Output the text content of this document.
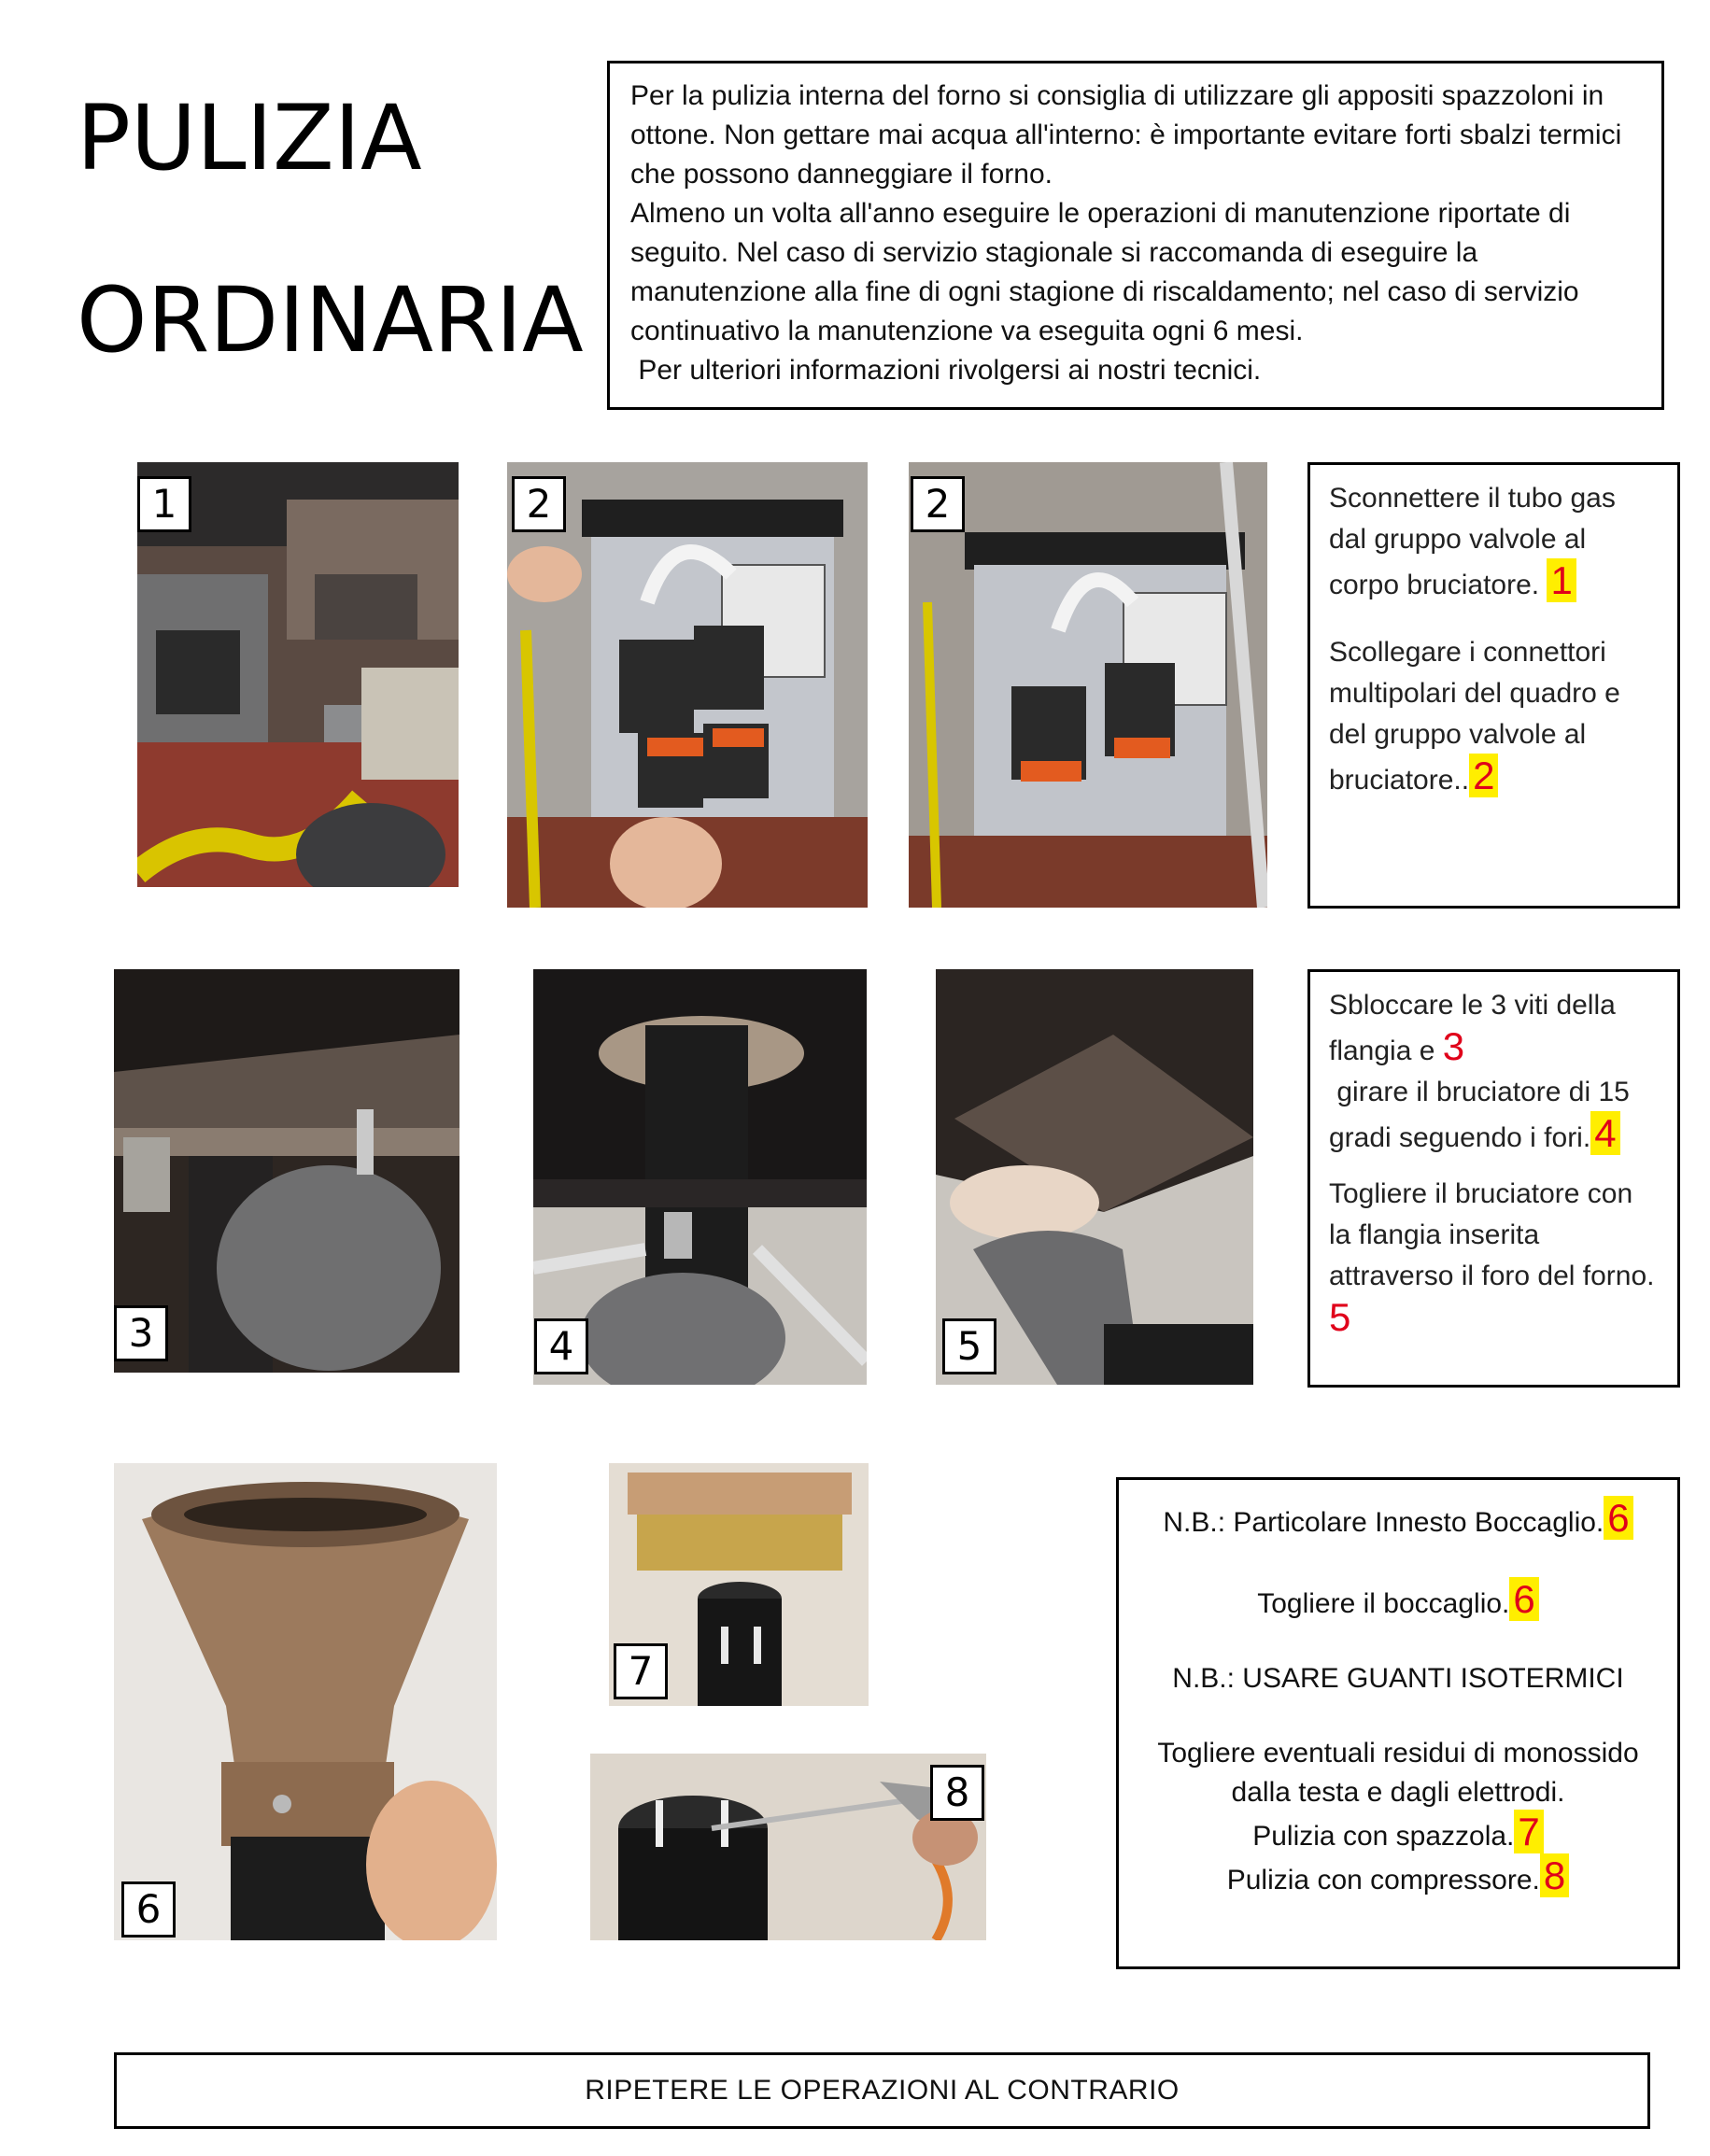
PULIZIA
ORDINARIA

Per la pulizia interna del forno si consiglia di utilizzare gli appositi spazzoloni in ottone. Non gettare mai acqua all'interno: è importante evitare forti sbalzi termici che possono danneggiare il forno.

Almeno un volta all'anno eseguire le operazioni di manutenzione riportate di seguito. Nel caso di servizio stagionale si raccomanda di eseguire la manutenzione alla fine di ogni stagione di riscaldamento; nel caso di servizio continuativo la manutenzione va eseguita ogni 6 mesi.

Per ulteriori informazioni rivolgersi ai nostri tecnici.

1	2	2	Sconnettere il tubo gas dal gruppo valvole al corpo bruciatore. 1

Scollegare i connettori multipolari del quadro e del gruppo valvole al bruciatore..2

3	4	5

Sbloccare le 3 viti della flangia e 3

girare il bruciatore di 15 gradi seguendo i fori.4

Togliere il bruciatore con la flangia inserita attraverso il foro del forno. 5

6
7
8

N.B.: Particolare Innesto Boccaglio.6

Togliere il boccaglio.6

N.B.: USARE GUANTI ISOTERMICI

Togliere eventuali residui di monossido dalla testa e dagli elettrodi.

Pulizia con spazzola.7

Pulizia con compressore.8

RIPETERE LE OPERAZIONI AL CONTRARIO
